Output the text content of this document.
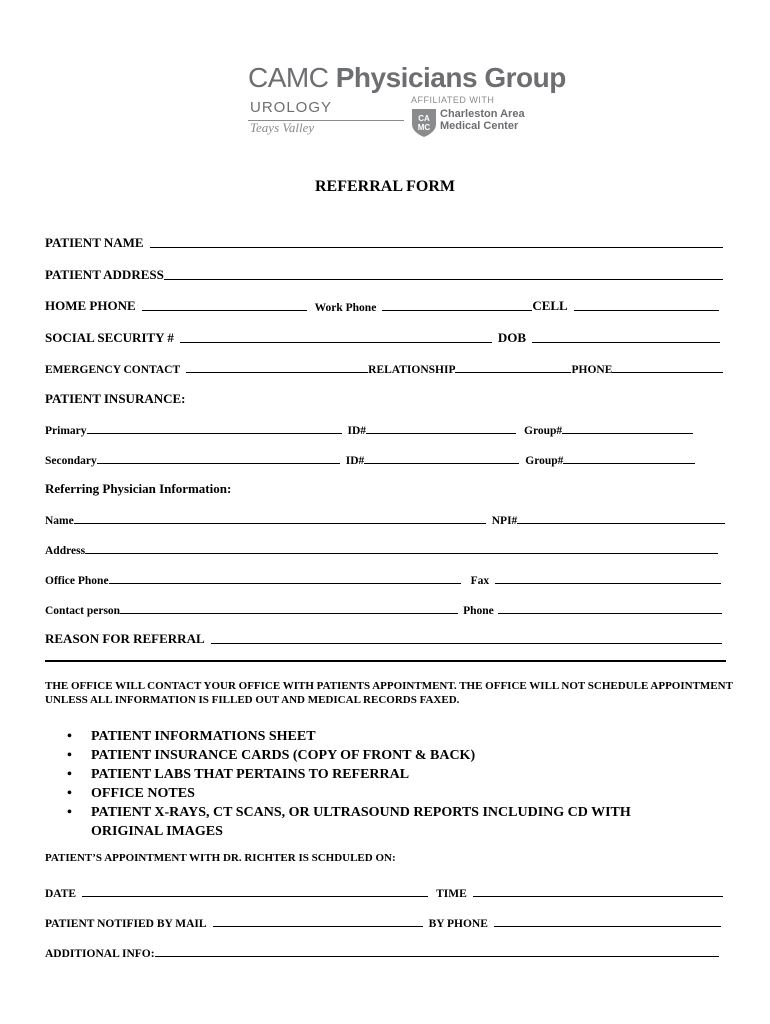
CAMC Physicians Group
UROLOGY
Teays Valley
AFFILIATED WITH
CA
MC
Charleston Area
Medical Center
REFERRAL FORM
PATIENT NAME
PATIENT ADDRESS
HOME PHONE	Work Phone	CELL
SOCIAL SECURITY #	DOB
EMERGENCY CONTACT	RELATIONSHIP	PHONE
PATIENT INSURANCE:
Primary	ID#	Group#
Secondary	ID#	Group#
Referring Physician Information:
Name	NPI#
Address
Office Phone	Fax
Contact person	Phone
REASON FOR REFERRAL
THE OFFICE WILL CONTACT YOUR OFFICE WITH PATIENTS APPOINTMENT. THE OFFICE WILL NOT SCHEDULE APPOINTMENT UNLESS ALL INFORMATION IS FILLED OUT AND MEDICAL RECORDS FAXED.
• PATIENT INFORMATIONS SHEET
• PATIENT INSURANCE CARDS (COPY OF FRONT & BACK)
• PATIENT LABS THAT PERTAINS TO REFERRAL
• OFFICE NOTES
• PATIENT X-RAYS, CT SCANS, OR ULTRASOUND REPORTS INCLUDING CD WITH ORIGINAL IMAGES
PATIENT’S APPOINTMENT WITH DR. RICHTER IS SCHDULED ON:
DATE	TIME
PATIENT NOTIFIED BY MAIL	BY PHONE
ADDITIONAL INFO:
